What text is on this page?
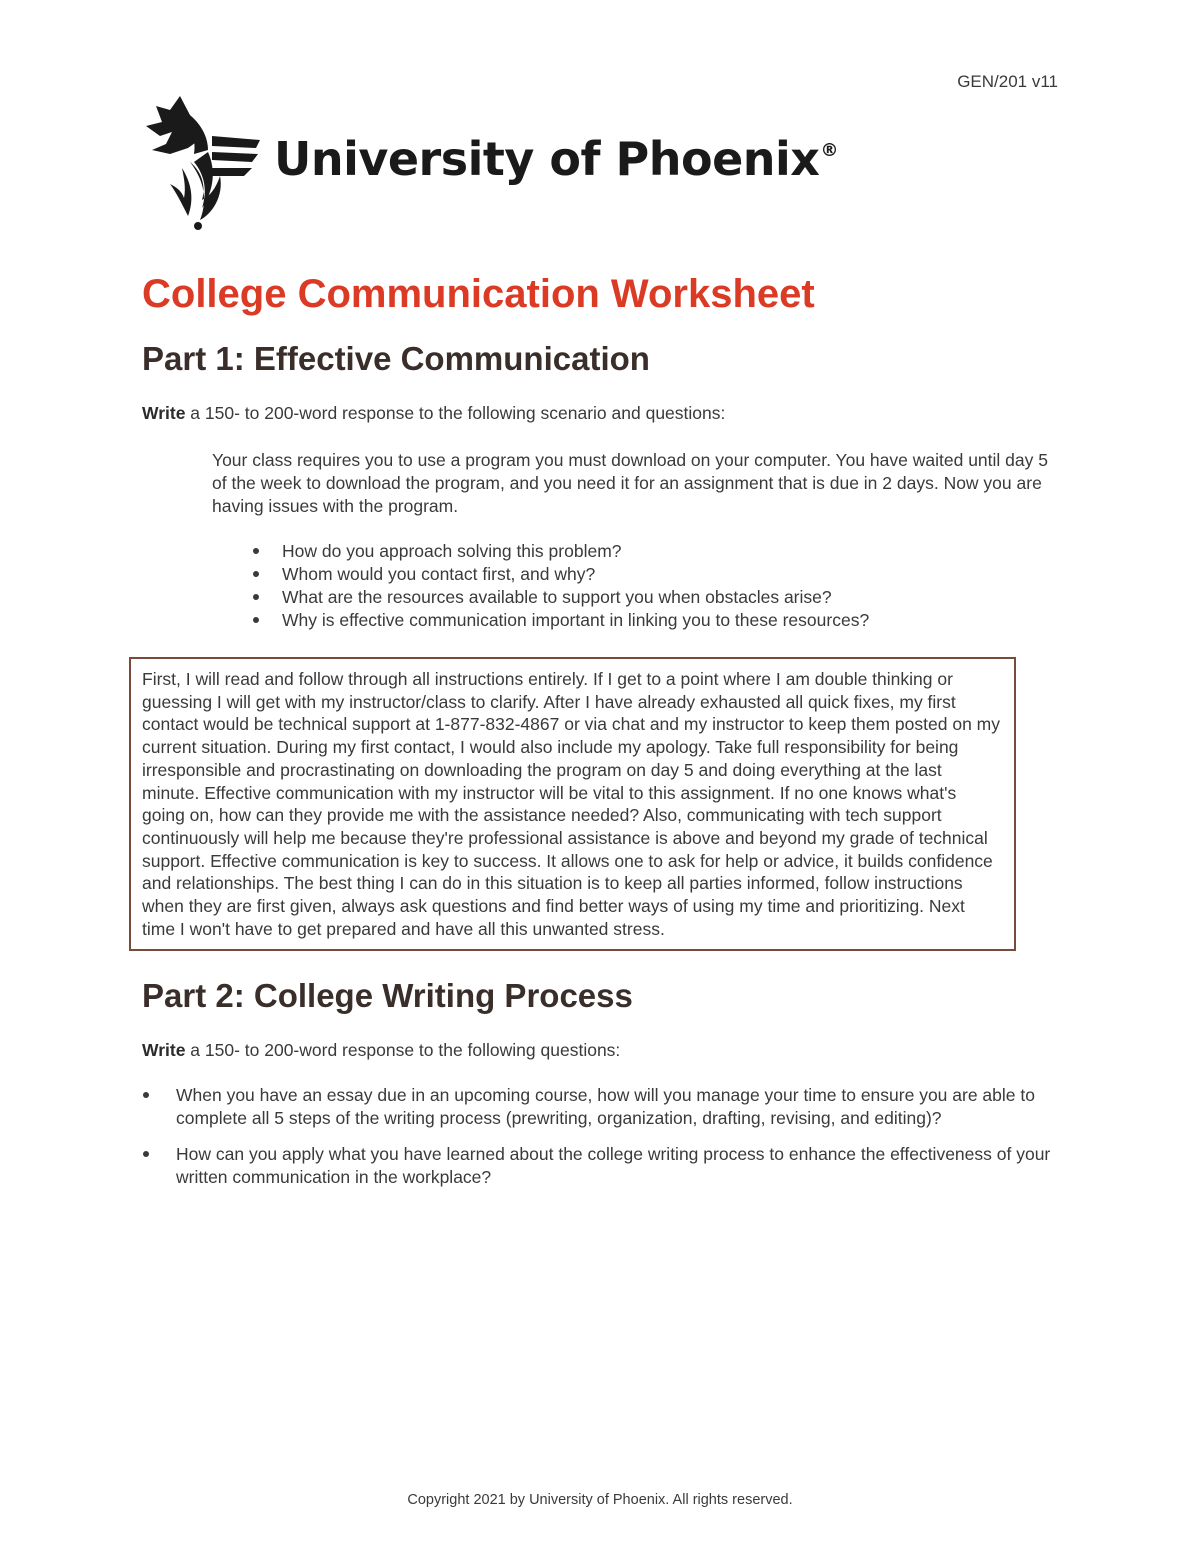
GEN/201 v11
University of Phoenix®
College Communication Worksheet
Part 1: Effective Communication

Write a 150- to 200-word response to the following scenario and questions:

Your class requires you to use a program you must download on your computer. You have waited until day 5 of the week to download the program, and you need it for an assignment that is due in 2 days. Now you are having issues with the program.

How do you approach solving this problem?
Whom would you contact first, and why?
What are the resources available to support you when obstacles arise?
Why is effective communication important in linking you to these resources?
First, I will read and follow through all instructions entirely. If I get to a point where I am double thinking or guessing I will get with my instructor/class to clarify. After I have already exhausted all quick fixes, my first contact would be technical support at 1-877-832-4867 or via chat and my instructor to keep them posted on my current situation. During my first contact, I would also include my apology. Take full responsibility for being irresponsible and procrastinating on downloading the program on day 5 and doing everything at the last minute. Effective communication with my instructor will be vital to this assignment. If no one knows what's going on, how can they provide me with the assistance needed? Also, communicating with tech support continuously will help me because they're professional assistance is above and beyond my grade of technical support. Effective communication is key to success. It allows one to ask for help or advice, it builds confidence and relationships. The best thing I can do in this situation is to keep all parties informed, follow instructions when they are first given, always ask questions and find better ways of using my time and prioritizing. Next time I won't have to get prepared and have all this unwanted stress.
Part 2: College Writing Process

Write a 150- to 200-word response to the following questions:

When you have an essay due in an upcoming course, how will you manage your time to ensure you are able to complete all 5 steps of the writing process (prewriting, organization, drafting, revising, and editing)?
How can you apply what you have learned about the college writing process to enhance the effectiveness of your written communication in the workplace?
Copyright 2021 by University of Phoenix. All rights reserved.
